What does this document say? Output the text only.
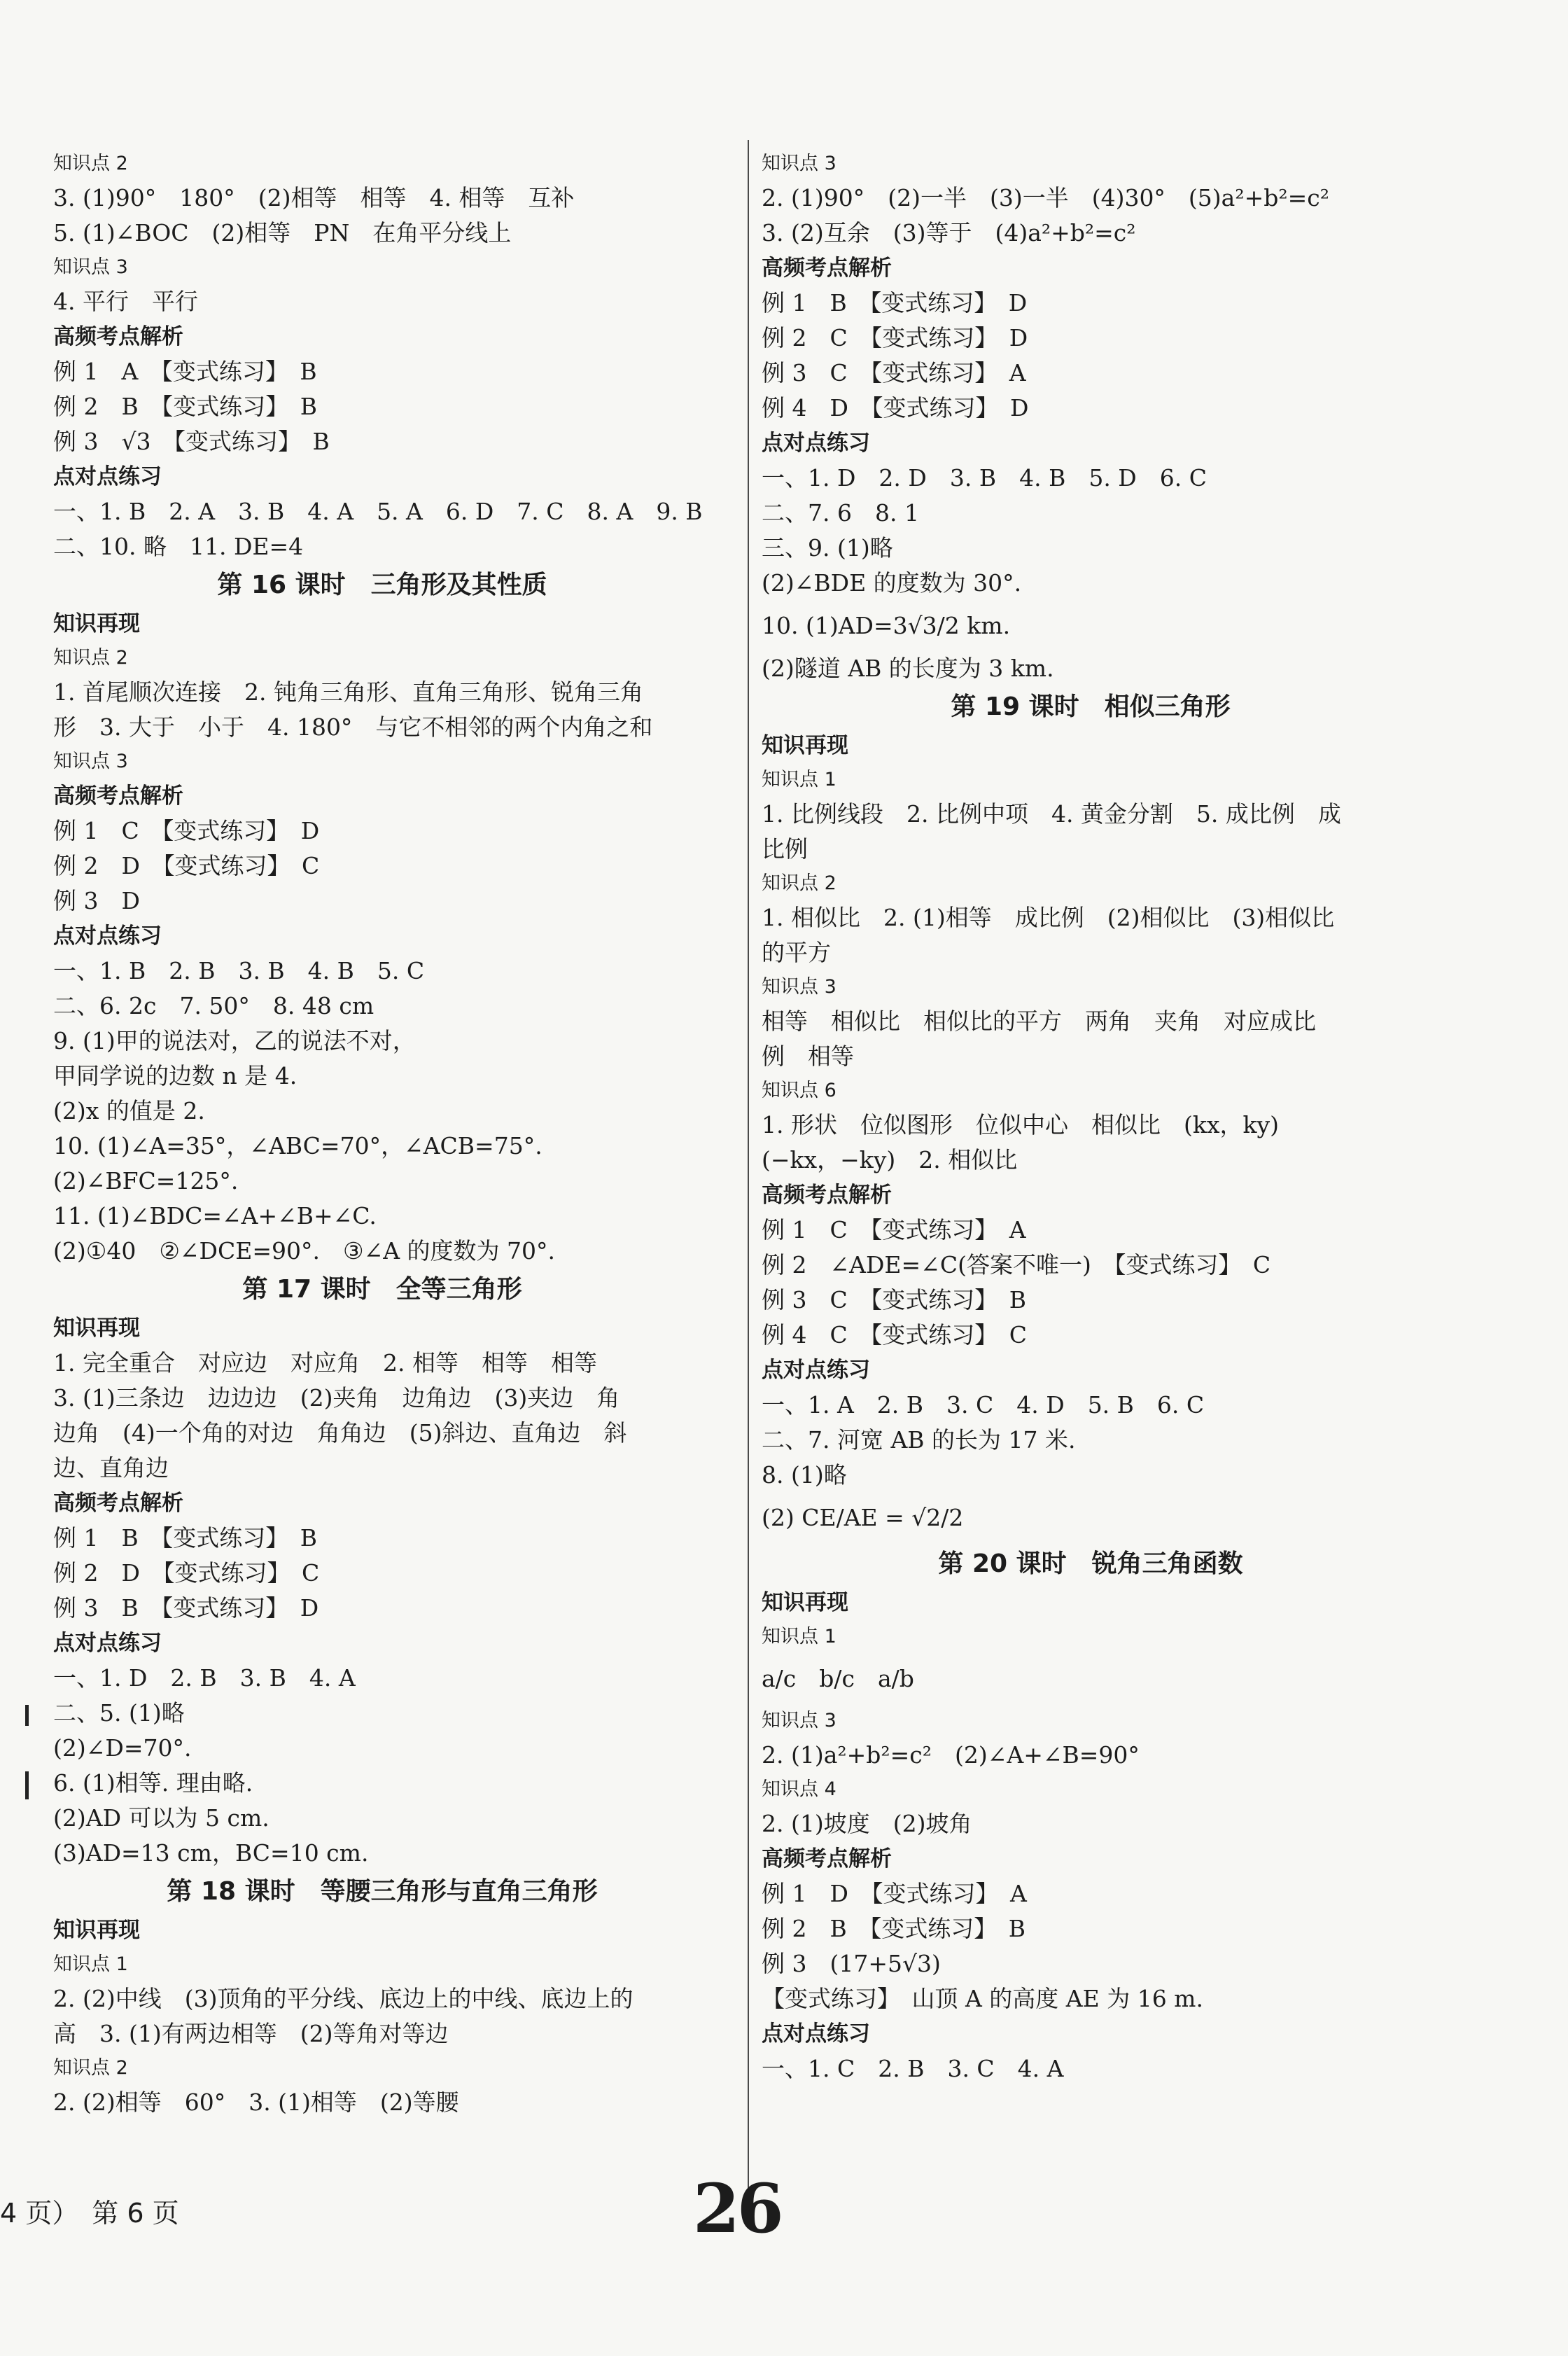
知识点 2
3. (1)90°　180°　(2)相等　相等　4. 相等　互补
5. (1)∠BOC　(2)相等　PN　在角平分线上
知识点 3
4. 平行　平行
高频考点解析
例 1　A　【变式练习】　B
例 2　B　【变式练习】　B
例 3　√3　【变式练习】　B
点对点练习
一、1. B　2. A　3. B　4. A　5. A　6. D　7. C　8. A　9. B
二、10. 略　11. DE=4
第 16 课时　三角形及其性质
知识再现
知识点 2
1. 首尾顺次连接　2. 钝角三角形、直角三角形、锐角三角
形　3. 大于　小于　4. 180°　与它不相邻的两个内角之和
知识点 3
高频考点解析
例 1　C　【变式练习】　D
例 2　D　【变式练习】　C
例 3　D
点对点练习
一、1. B　2. B　3. B　4. B　5. C
二、6. 2c　7. 50°　8. 48 cm
9. (1)甲的说法对，乙的说法不对，
甲同学说的边数 n 是 4.
(2)x 的值是 2.
10. (1)∠A=35°，∠ABC=70°，∠ACB=75°.
(2)∠BFC=125°.
11. (1)∠BDC=∠A+∠B+∠C.
(2)①40　②∠DCE=90°.　③∠A 的度数为 70°.
第 17 课时　全等三角形
知识再现
1. 完全重合　对应边　对应角　2. 相等　相等　相等
3. (1)三条边　边边边　(2)夹角　边角边　(3)夹边　角
边角　(4)一个角的对边　角角边　(5)斜边、直角边　斜
边、直角边
高频考点解析
例 1　B　【变式练习】　B
例 2　D　【变式练习】　C
例 3　B　【变式练习】　D
点对点练习
一、1. D　2. B　3. B　4. A
二、5. (1)略
(2)∠D=70°.
6. (1)相等. 理由略.
(2)AD 可以为 5 cm.
(3)AD=13 cm，BC=10 cm.
第 18 课时　等腰三角形与直角三角形
知识再现
知识点 1
2. (2)中线　(3)顶角的平分线、底边上的中线、底边上的
高　3. (1)有两边相等　(2)等角对等边
知识点 2
2. (2)相等　60°　3. (1)相等　(2)等腰
知识点 3
2. (1)90°　(2)一半　(3)一半　(4)30°　(5)a²+b²=c²
3. (2)互余　(3)等于　(4)a²+b²=c²
高频考点解析
例 1　B　【变式练习】　D
例 2　C　【变式练习】　D
例 3　C　【变式练习】　A
例 4　D　【变式练习】　D
点对点练习
一、1. D　2. D　3. B　4. B　5. D　6. C
二、7. 6　8. 1
三、9. (1)略
(2)∠BDE 的度数为 30°.
10. (1)AD=3√3/2 km.
(2)隧道 AB 的长度为 3 km.
第 19 课时　相似三角形
知识再现
知识点 1
1. 比例线段　2. 比例中项　4. 黄金分割　5. 成比例　成
比例
知识点 2
1. 相似比　2. (1)相等　成比例　(2)相似比　(3)相似比
的平方
知识点 3
相等　相似比　相似比的平方　两角　夹角　对应成比
例　相等
知识点 6
1. 形状　位似图形　位似中心　相似比　(kx，ky)
(−kx，−ky)　2. 相似比
高频考点解析
例 1　C　【变式练习】　A
例 2　∠ADE=∠C(答案不唯一)　【变式练习】　C
例 3　C　【变式练习】　B
例 4　C　【变式练习】　C
点对点练习
一、1. A　2. B　3. C　4. D　5. B　6. C
二、7. 河宽 AB 的长为 17 米.
8. (1)略
(2) CE/AE = √2/2
第 20 课时　锐角三角函数
知识再现
知识点 1
a/c　b/c　a/b
知识点 3
2. (1)a²+b²=c²　(2)∠A+∠B=90°
知识点 4
2. (1)坡度　(2)坡角
高频考点解析
例 1　D　【变式练习】　A
例 2　B　【变式练习】　B
例 3　(17+5√3)
【变式练习】　山顶 A 的高度 AE 为 16 m.
点对点练习
一、1. C　2. B　3. C　4. A
4 页）　第 6 页	26
